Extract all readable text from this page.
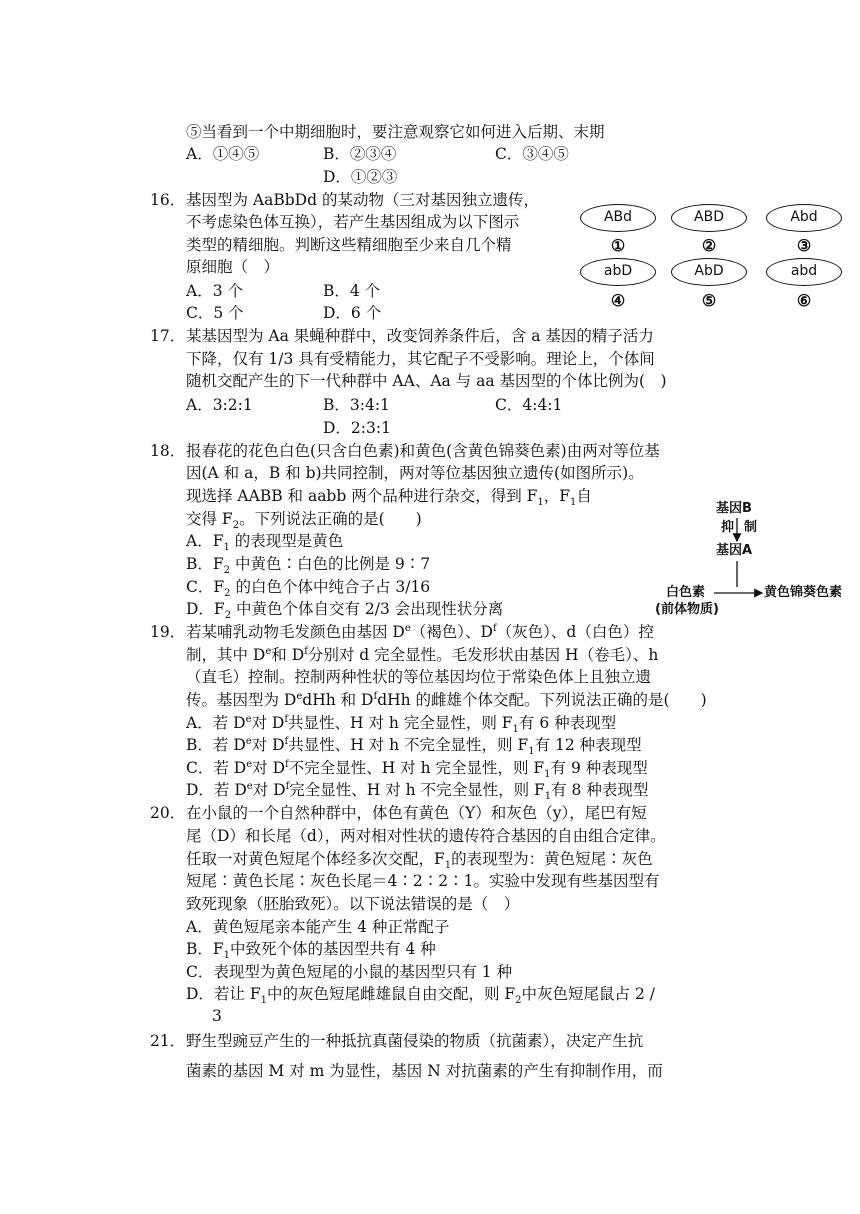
⑤当看到一个中期细胞时，要注意观察它如何进入后期、末期
A．①④⑤	B．②③④	C．③④⑤
D．①②③
16． 基因型为 AaBbDd 的某动物（三对基因独立遗传，
不考虑染色体互换），若产生基因组成为以下图示
类型的精细胞。判断这些精细胞至少来自几个精
原细胞（　）
A．3 个	B．4 个
C．5 个	D．6 个
ABd	ABD	Abd
①	②	③
abD	AbD	abd
④	⑤	⑥
17． 某基因型为 Aa 果蝇种群中，改变饲养条件后，含 a 基因的精子活力
下降，仅有 1/3 具有受精能力，其它配子不受影响。理论上，个体间
随机交配产生的下一代种群中 AA、Aa 与 aa 基因型的个体比例为(　)
A．3:2:1	B．3:4:1	C．4:4:1
D．2:3:1
18． 报春花的花色白色(只含白色素)和黄色(含黄色锦葵色素)由两对等位基
因(A 和 a，B 和 b)共同控制，两对等位基因独立遗传(如图所示)。
现选择 AABB 和 aabb 两个品种进行杂交，得到 $F_1$，$F_1$自
交得 $F_2$。下列说法正确的是(　　)
A．$F_1$ 的表现型是黄色
B．$F_2$ 中黄色∶白色的比例是 9∶7
C．$F_2$ 的白色个体中纯合子占 3/16
D．$F_2$ 中黄色个体自交有 2/3 会出现性状分离
基因B
抑 制
基因A
白色素
(前体物质)
黄色锦葵色素
19． 若某哺乳动物毛发颜色由基因 De（褐色）、$D^f$（灰色）、d（白色）控
制，其中 De和 $D^f$分别对 d 完全显性。毛发形状由基因 H（卷毛）、h
（直毛）控制。控制两种性状的等位基因均位于常染色体上且独立遗
传。基因型为 DedHh 和 $D^fdHh$ 的雌雄个体交配。下列说法正确的是(　　)
A．若 De对 $D^f$共显性、H 对 h 完全显性，则 $F_1$有 6 种表现型
B．若 De对 $D^f$共显性、H 对 h 不完全显性，则 $F_1$有 12 种表现型
C．若 De对 $D^f$不完全显性、H 对 h 完全显性，则 $F_1$有 9 种表现型
D．若 De对 $D^f$完全显性、H 对 h 不完全显性，则 $F_1$有 8 种表现型
20． 在小鼠的一个自然种群中，体色有黄色（Y）和灰色（y），尾巴有短
尾（D）和长尾（d），两对相对性状的遗传符合基因的自由组合定律。
任取一对黄色短尾个体经多次交配，$F_1$的表现型为：黄色短尾∶灰色
短尾∶黄色长尾∶灰色长尾＝4∶2∶2∶1。实验中发现有些基因型有
致死现象（胚胎致死）。以下说法错误的是（　）
A．黄色短尾亲本能产生 4 种正常配子
B．$F_1$中致死个体的基因型共有 4 种
C．表现型为黄色短尾的小鼠的基因型只有 1 种
D．若让 $F_1$中的灰色短尾雌雄鼠自由交配，则 $F_2$中灰色短尾鼠占 2 /
3
21． 野生型豌豆产生的一种抵抗真菌侵染的物质（抗菌素），决定产生抗
菌素的基因 M 对 m 为显性，基因 N 对抗菌素的产生有抑制作用，而
